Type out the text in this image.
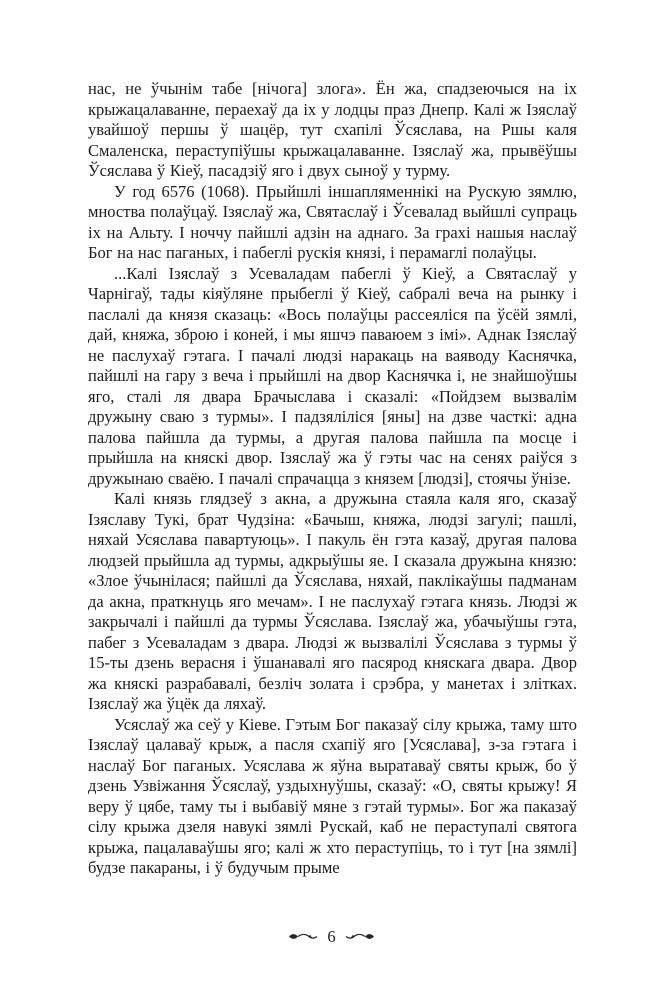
нас, не ўчынім табе [нічога] злога». Ён жа, спадзеючыся на іх крыжацалаванне, пераехаў да іх у лодцы праз Днепр. Калі ж Ізяслаў увайшоў першы ў шацёр, тут схапілі Ўсяслава, на Ршы каля Смаленска, пераступіўшы крыжацалаванне. Ізяслаў жа, прывёўшы Ўсяслава ў Кіеў, пасадзіў яго і двух сыноў у турму.

У год 6576 (1068). Прыйшлі іншапляменнікі на Рускую зямлю, мноства полаўцаў. Ізяслаў жа, Святаслаў і Ўсевалад выйшлі супраць іх на Альту. І ноччу пайшлі адзін на аднаго. За грахі нашыя наслаў Бог на нас паганых, і пабеглі рускія князі, і перамаглі полаўцы.

...Калі Ізяслаў з Усеваладам пабеглі ў Кіеў, а Святаслаў у Чарнігаў, тады кіяўляне прыбеглі ў Кіеў, сабралі веча на рынку і паслалі да князя сказаць: «Вось полаўцы рассеяліся па ўсёй зямлі, дай, княжа, зброю і коней, і мы яшчэ паваюем з імі». Аднак Ізяслаў не паслухаў гэтага. І пачалі людзі наракаць на ваяводу Каснячка, пайшлі на гару з веча і прыйшлі на двор Каснячка і, не знайшоўшы яго, сталі ля двара Брачыслава і сказалі: «Пойдзем вызвалім дружыну сваю з турмы». І падзяліліся [яны] на дзве часткі: адна палова пайшла да турмы, а другая палова пайшла па мосце і прыйшла на княскі двор. Ізяслаў жа ў гэты час на сенях раіўся з дружынаю сваёю. І пачалі спрачацца з князем [людзі], стоячы ўнізе.

Калі князь глядзеў з акна, а дружына стаяла каля яго, сказаў Ізяславу Тукі, брат Чудзіна: «Бачыш, княжа, людзі загулі; пашлі, няхай Усяслава павартуюць». І пакуль ён гэта казаў, другая палова людзей прыйшла ад турмы, адкрыўшы яе. І сказала дружына князю: «Злое ўчынілася; пайшлі да Ўсяслава, няхай, паклікаўшы падманам да акна, праткнуць яго мечам». І не паслухаў гэтага князь. Людзі ж закрычалі і пайшлі да турмы Ўсяслава. Ізяслаў жа, убачыўшы гэта, пабег з Усеваладам з двара. Людзі ж вызвалілі Ўсяслава з турмы ў 15-ты дзень верасня і ўшанавалі яго пасярод княскага двара. Двор жа княскі разрабавалі, безліч золата і срэбра, у манетах і злітках. Ізяслаў жа ўцёк да ляхаў.

Усяслаў жа сеў у Кіеве. Гэтым Бог паказаў сілу крыжа, таму што Ізяслаў цалаваў крыж, а пасля схапіў яго [Усяслава], з-за гэтага і наслаў Бог паганых. Усяслава ж яўна выратаваў святы крыж, бо ў дзень Узвіжання Ўсяслаў, уздыхнуўшы, сказаў: «О, святы крыжу! Я веру ў цябе, таму ты і выбавіў мяне з гэтай турмы». Бог жа паказаў сілу крыжа дзеля навукі зямлі Рускай, каб не пераступалі святога крыжа, пацалаваўшы яго; калі ж хто пераступіць, то і тут [на зямлі] будзе пакараны, і ў будучым прыме

6
